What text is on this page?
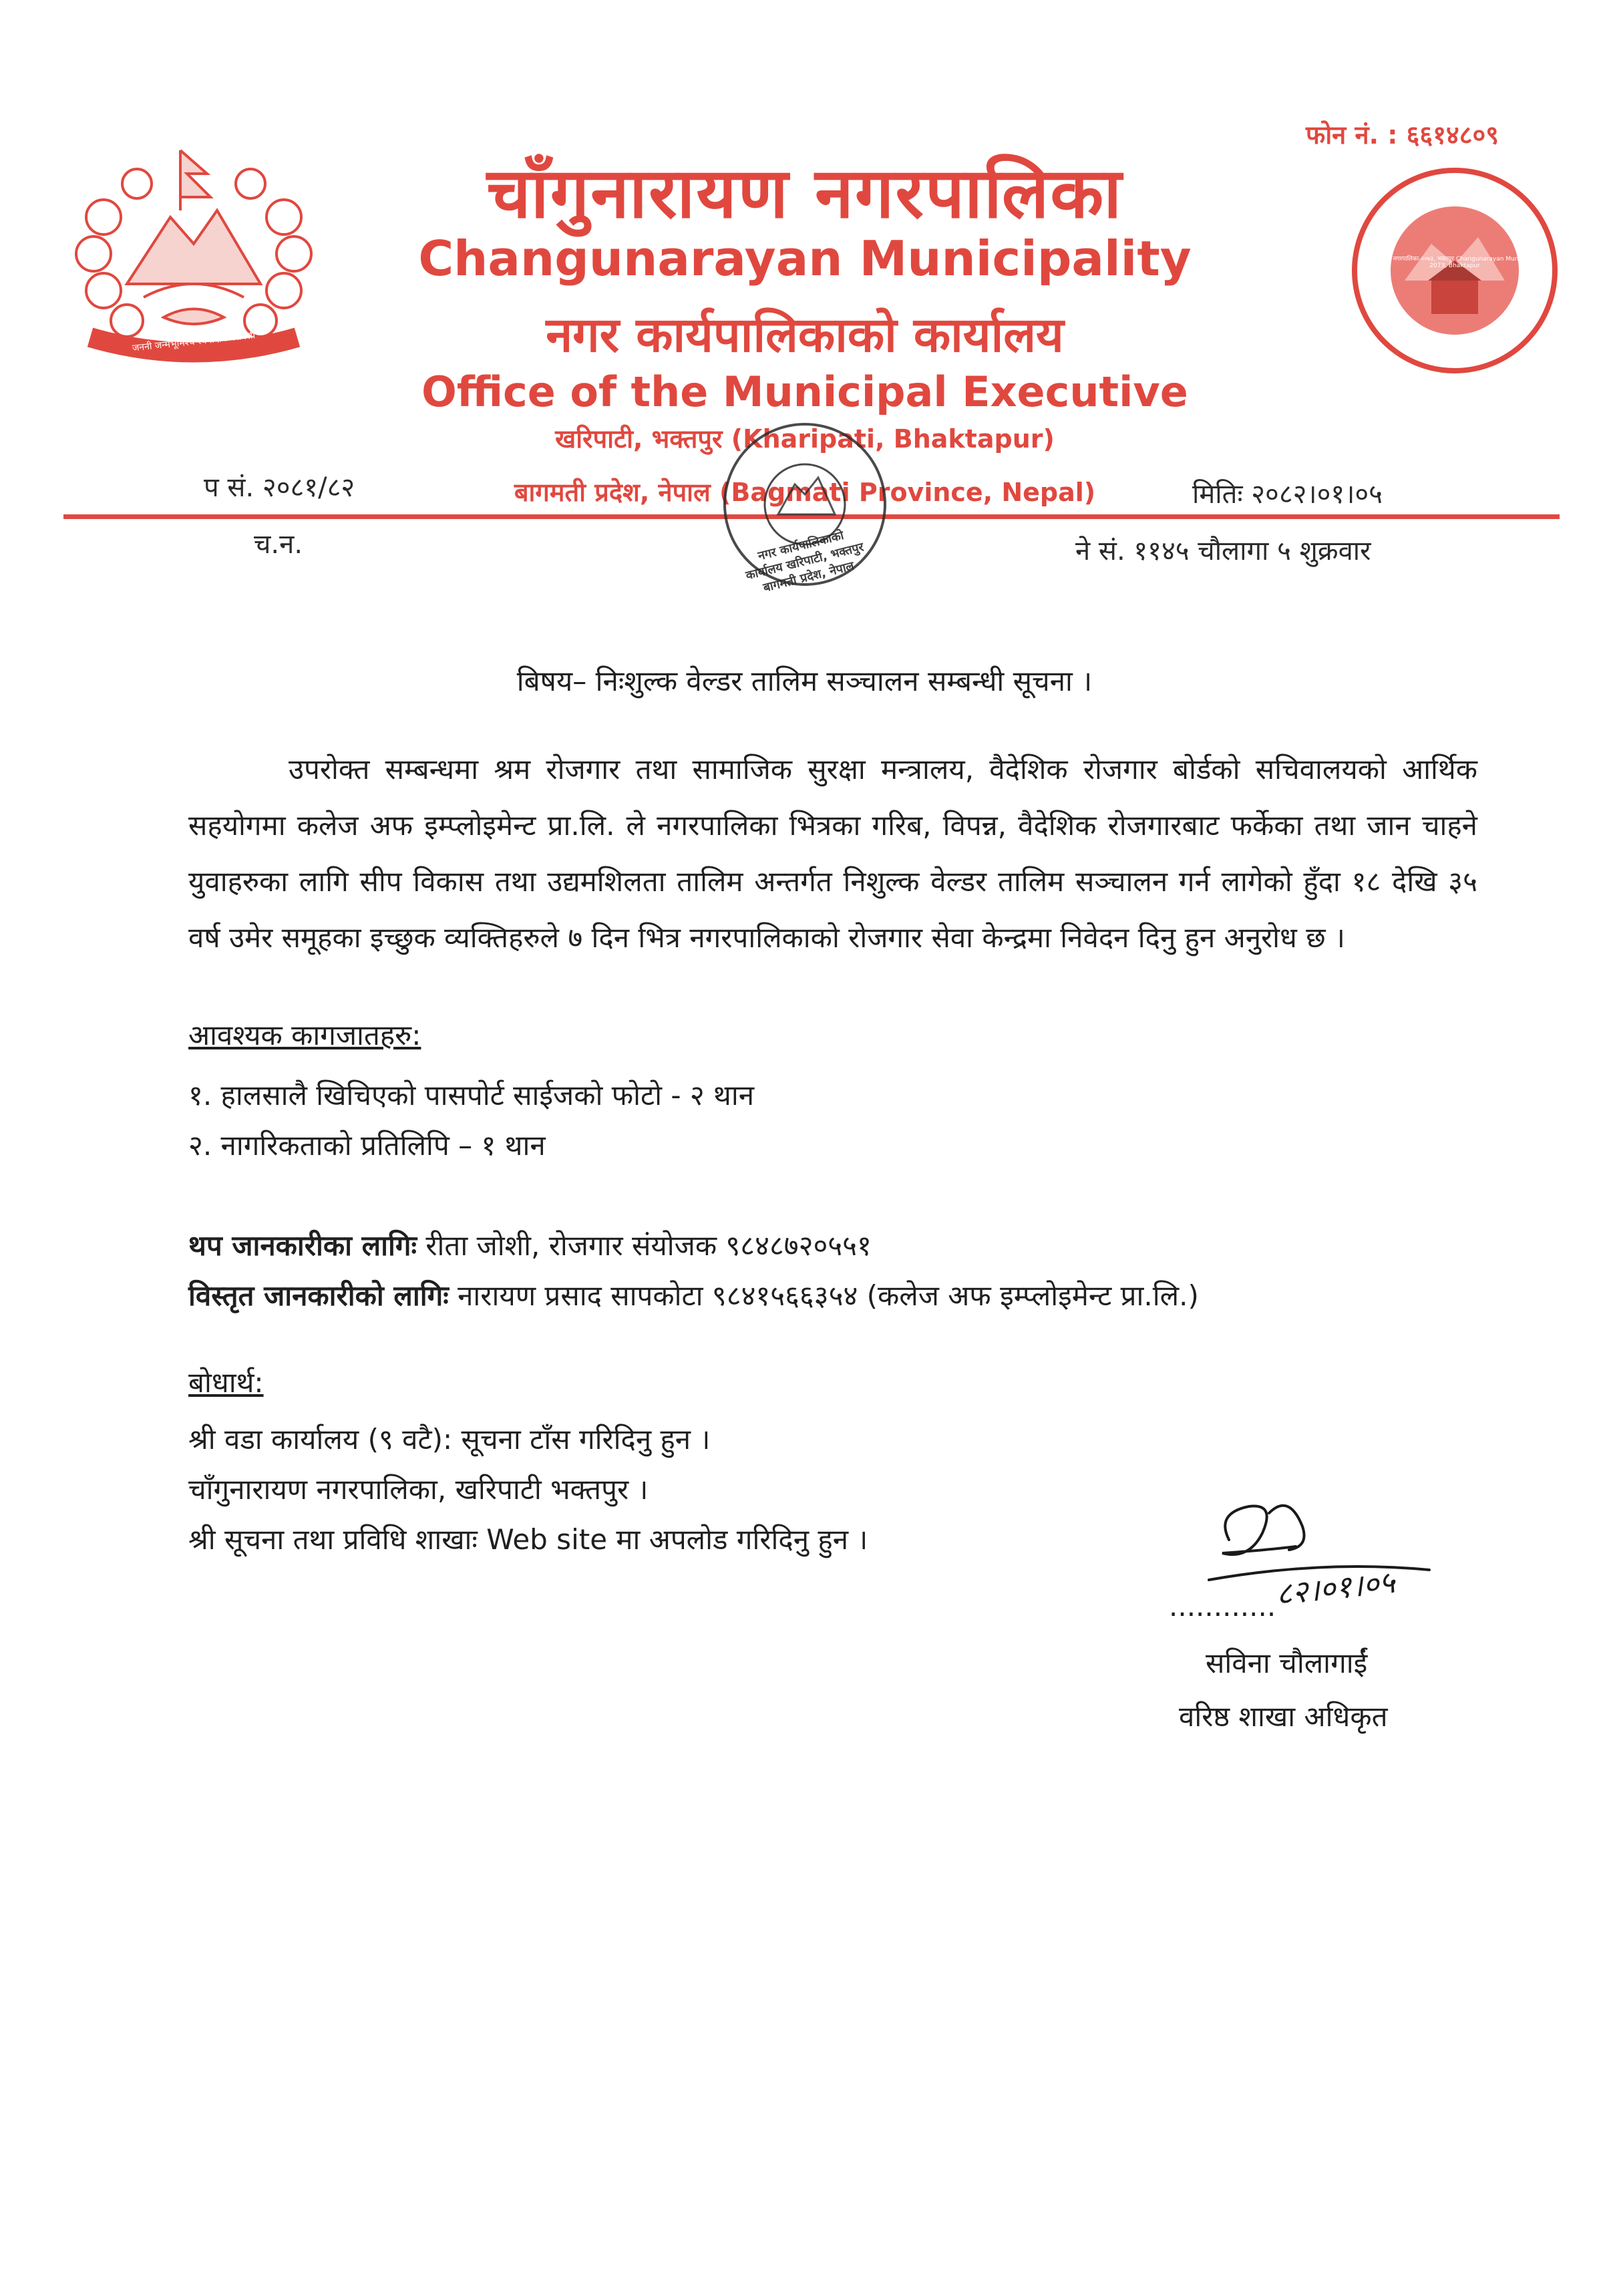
जननी जन्मभूमिश्च स्वर्गादपि गरीयसी
चाँगुनारायण नगरपालिका-२०७३, भक्तपुर Changunarayan Municipality-2073, Bhaktapur
फोन नं. : ६६१४८०९
चाँगुनारायण नगरपालिका
Changunarayan Municipality
नगर कार्यपालिकाको कार्यालय
Office of the Municipal Executive
खरिपाटी, भक्तपुर (Kharipati, Bhaktapur)
बागमती प्रदेश, नेपाल (Bagmati Province, Nepal)
प सं. २०८१/८२
च.न.
मितिः २०८२।०१।०५
ने सं. ११४५ चौलागा ५ शुक्रवार
नगर कार्यपालिकाको कार्यालय खरिपाटी, भक्तपुर बागमती प्रदेश, नेपाल
बिषय– निःशुल्क वेल्डर तालिम सञ्चालन सम्बन्धी सूचना ।
उपरोक्त सम्बन्धमा श्रम रोजगार तथा सामाजिक सुरक्षा मन्त्रालय, वैदेशिक रोजगार बोर्डको सचिवालयको आर्थिक सहयोगमा कलेज अफ इम्प्लोइमेन्ट प्रा.लि. ले नगरपालिका भित्रका गरिब, विपन्न, वैदेशिक रोजगारबाट फर्केका तथा जान चाहने युवाहरुका लागि सीप विकास तथा उद्यमशिलता तालिम अन्तर्गत निशुल्क वेल्डर तालिम सञ्चालन गर्न लागेको हुँदा १८ देखि ३५ वर्ष उमेर समूहका इच्छुक व्यक्तिहरुले ७ दिन भित्र नगरपालिकाको रोजगार सेवा केन्द्रमा निवेदन दिनु हुन अनुरोध छ ।
आवश्यक कागजातहरु:
१. हालसालै खिचिएको पासपोर्ट साईजको फोटो - २ थान
२. नागरिकताको प्रतिलिपि – १ थान
थप जानकारीका लागिः रीता जोशी, रोजगार संयोजक ९८४८७२०५५१
विस्तृत जानकारीको लागिः नारायण प्रसाद सापकोटा ९८४१५६६३५४ (कलेज अफ इम्प्लोइमेन्ट प्रा.लि.)
बोधार्थ:
श्री वडा कार्यालय (९ वटै): सूचना टाँस गरिदिनु हुन ।
चाँगुनारायण नगरपालिका, खरिपाटी भक्तपुर ।
श्री सूचना तथा प्रविधि शाखाः Web site मा अपलोड गरिदिनु हुन ।
८२।०१।०५
............
सविना चौलागाईं
वरिष्ठ शाखा अधिकृत
